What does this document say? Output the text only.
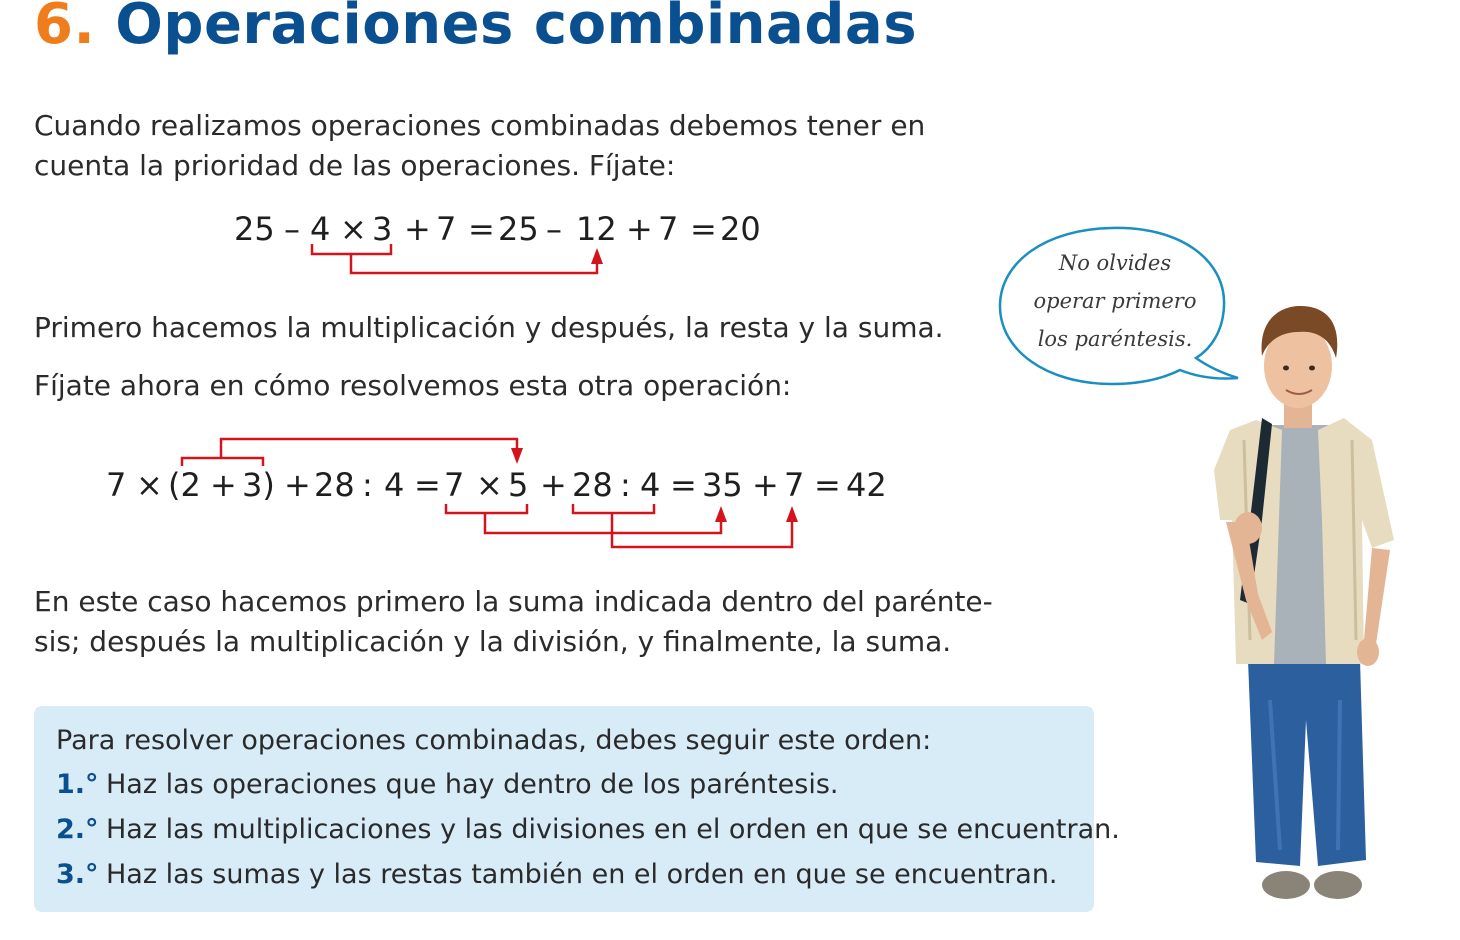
6. Operaciones combinadas

Cuando realizamos operaciones combinadas debemos tener en
cuenta la prioridad de las operaciones. Fíjate:

25 – 4 × 3 + 7 = 25 – 12 + 7 = 20

Primero hacemos la multiplicación y después, la resta y la suma.

Fíjate ahora en cómo resolvemos esta otra operación:

7 × (2 + 3) + 28 : 4 = 7 × 5 + 28 : 4 = 35 + 7 = 42

En este caso hacemos primero la suma indicada dentro del parénte-
sis; después la multiplicación y la división, y finalmente, la suma.

Para resolver operaciones combinadas, debes seguir este orden:

1.° Haz las operaciones que hay dentro de los paréntesis.

2.° Haz las multiplicaciones y las divisiones en el orden en que se encuentran.

3.° Haz las sumas y las restas también en el orden en que se encuentran.

No olvides
operar primero
los paréntesis.
